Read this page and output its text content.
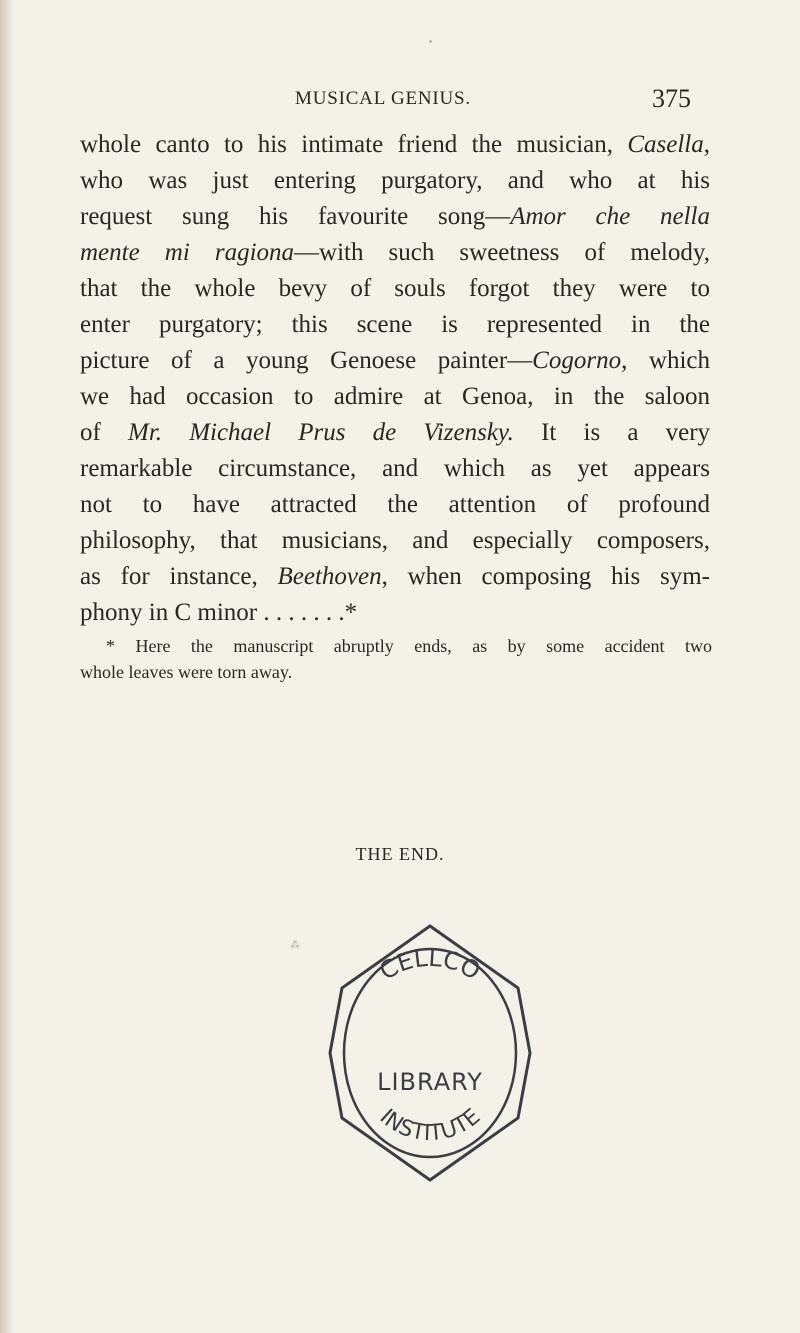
MUSICAL GENIUS.	375
whole canto to his intimate friend the musician, Casella,
who was just entering purgatory, and who at his
request sung his favourite song—Amor che nella
mente mi ragiona—with such sweetness of melody,
that the whole bevy of souls forgot they were to
enter purgatory; this scene is represented in the
picture of a young Genoese painter—Cogorno, which
we had occasion to admire at Genoa, in the saloon
of Mr. Michael Prus de Vizensky. It is a very
remarkable circumstance, and which as yet appears
not to have attracted the attention of profound
philosophy, that musicians, and especially composers,
as for instance, Beethoven, when composing his sym-
phony in C minor . . . . . . .*
* Here the manuscript abruptly ends, as by some accident two
whole leaves were torn away.
THE END.
⁂
CELLCO
INSTITUTE
LIBRARY
